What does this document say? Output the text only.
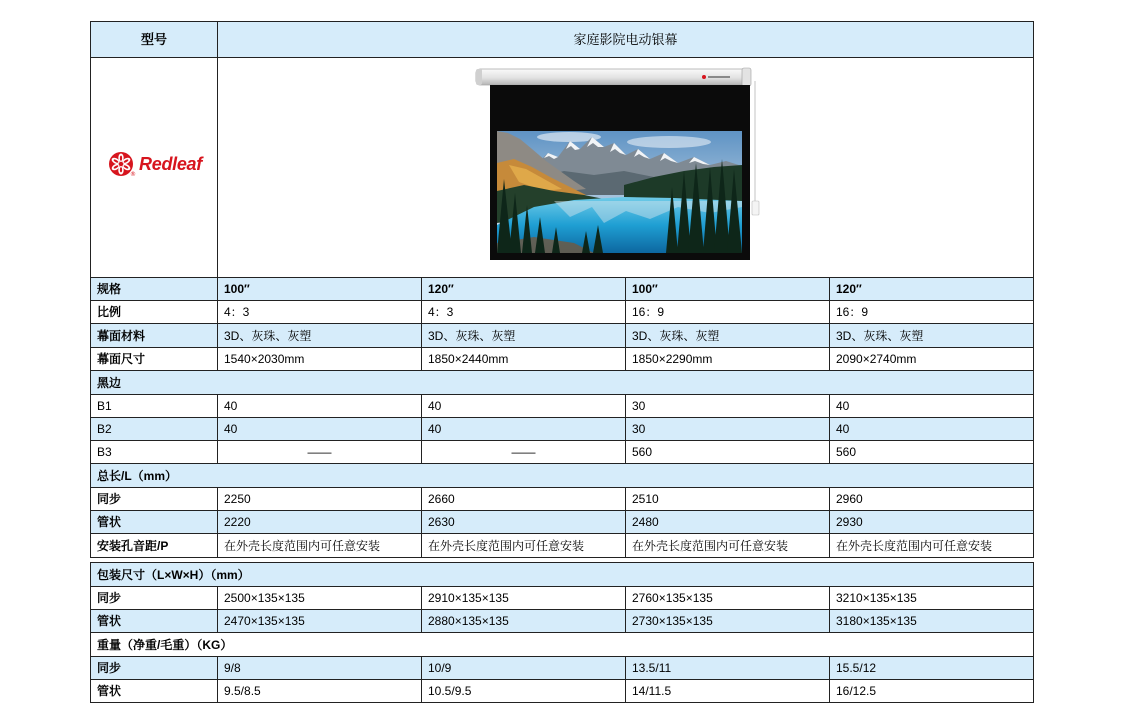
型号	家庭影院电动银幕			

®
Redleaf

规格	100″	120″	100″	120″
比例	4：3	4：3	16：9	16：9
幕面材料	3D、灰珠、灰塑	3D、灰珠、灰塑	3D、灰珠、灰塑	3D、灰珠、灰塑
幕面尺寸	1540×2030mm	1850×2440mm	1850×2290mm	2090×2740mm
黑边				
B1	40	40	30	40
B2	40	40	30	40
B3	——	——	560	560
总长/L（mm）				
同步	2250	2660	2510	2960
管状	2220	2630	2480	2930
安装孔音距/P	在外壳长度范围内可任意安装	在外壳长度范围内可任意安装	在外壳长度范围内可任意安装	在外壳长度范围内可任意安装
包装尺寸（L×W×H）（mm）				
同步	2500×135×135	2910×135×135	2760×135×135	3210×135×135
管状	2470×135×135	2880×135×135	2730×135×135	3180×135×135
重量（净重/毛重）（KG）				
同步	9/8	10/9	13.5/11	15.5/12
管状	9.5/8.5	10.5/9.5	14/11.5	16/12.5
